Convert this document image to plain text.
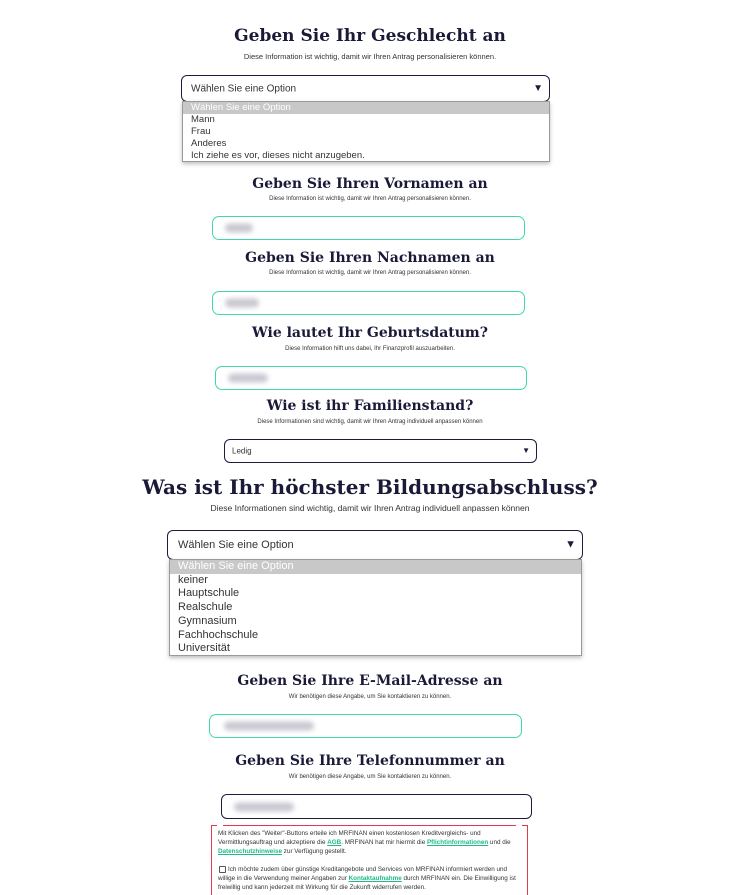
Geben Sie Ihr Geschlecht an
Diese Information ist wichtig, damit wir Ihren Antrag personalisieren können.
Wählen Sie eine Option	▼
Wählen Sie eine Option
Mann
Frau
Anderes
Ich ziehe es vor, dieses nicht anzugeben.
Geben Sie Ihren Vornamen an
Diese Information ist wichtig, damit wir Ihren Antrag personalisieren können.
Geben Sie Ihren Nachnamen an
Diese Information ist wichtig, damit wir Ihren Antrag personalisieren können.
Wie lautet Ihr Geburtsdatum?
Diese Information hilft uns dabei, Ihr Finanzprofil auszuarbeiten.
Wie ist ihr Familienstand?
Diese Informationen sind wichtig, damit wir Ihren Antrag individuell anpassen können
Ledig	▼
Was ist Ihr höchster Bildungsabschluss?
Diese Informationen sind wichtig, damit wir Ihren Antrag individuell anpassen können
Wählen Sie eine Option	▼
Wählen Sie eine Option
keiner
Hauptschule
Realschule
Gymnasium
Fachhochschule
Universität
Geben Sie Ihre E-Mail-Adresse an
Wir benötigen diese Angabe, um Sie kontaktieren zu können.
Geben Sie Ihre Telefonnummer an
Wir benötigen diese Angabe, um Sie kontaktieren zu können.

Mit Klicken des "Weiter"-Buttons erteile ich MRFINAN einen kostenlosen Kreditvergleichs- und Vermittlungsauftrag und akzeptiere die AGB. MRFINAN hat mir hiermit die Pflichtinformationen und die Datenschutzhinweise zur Verfügung gestellt.

Ich möchte zudem über günstige Kreditangebote und Services von MRFINAN informiert werden und willige in die Verwendung meiner Angaben zur Kontaktaufnahme durch MRFINAN ein. Die Einwilligung ist freiwillig und kann jederzeit mit Wirkung für die Zukunft widerrufen werden.
